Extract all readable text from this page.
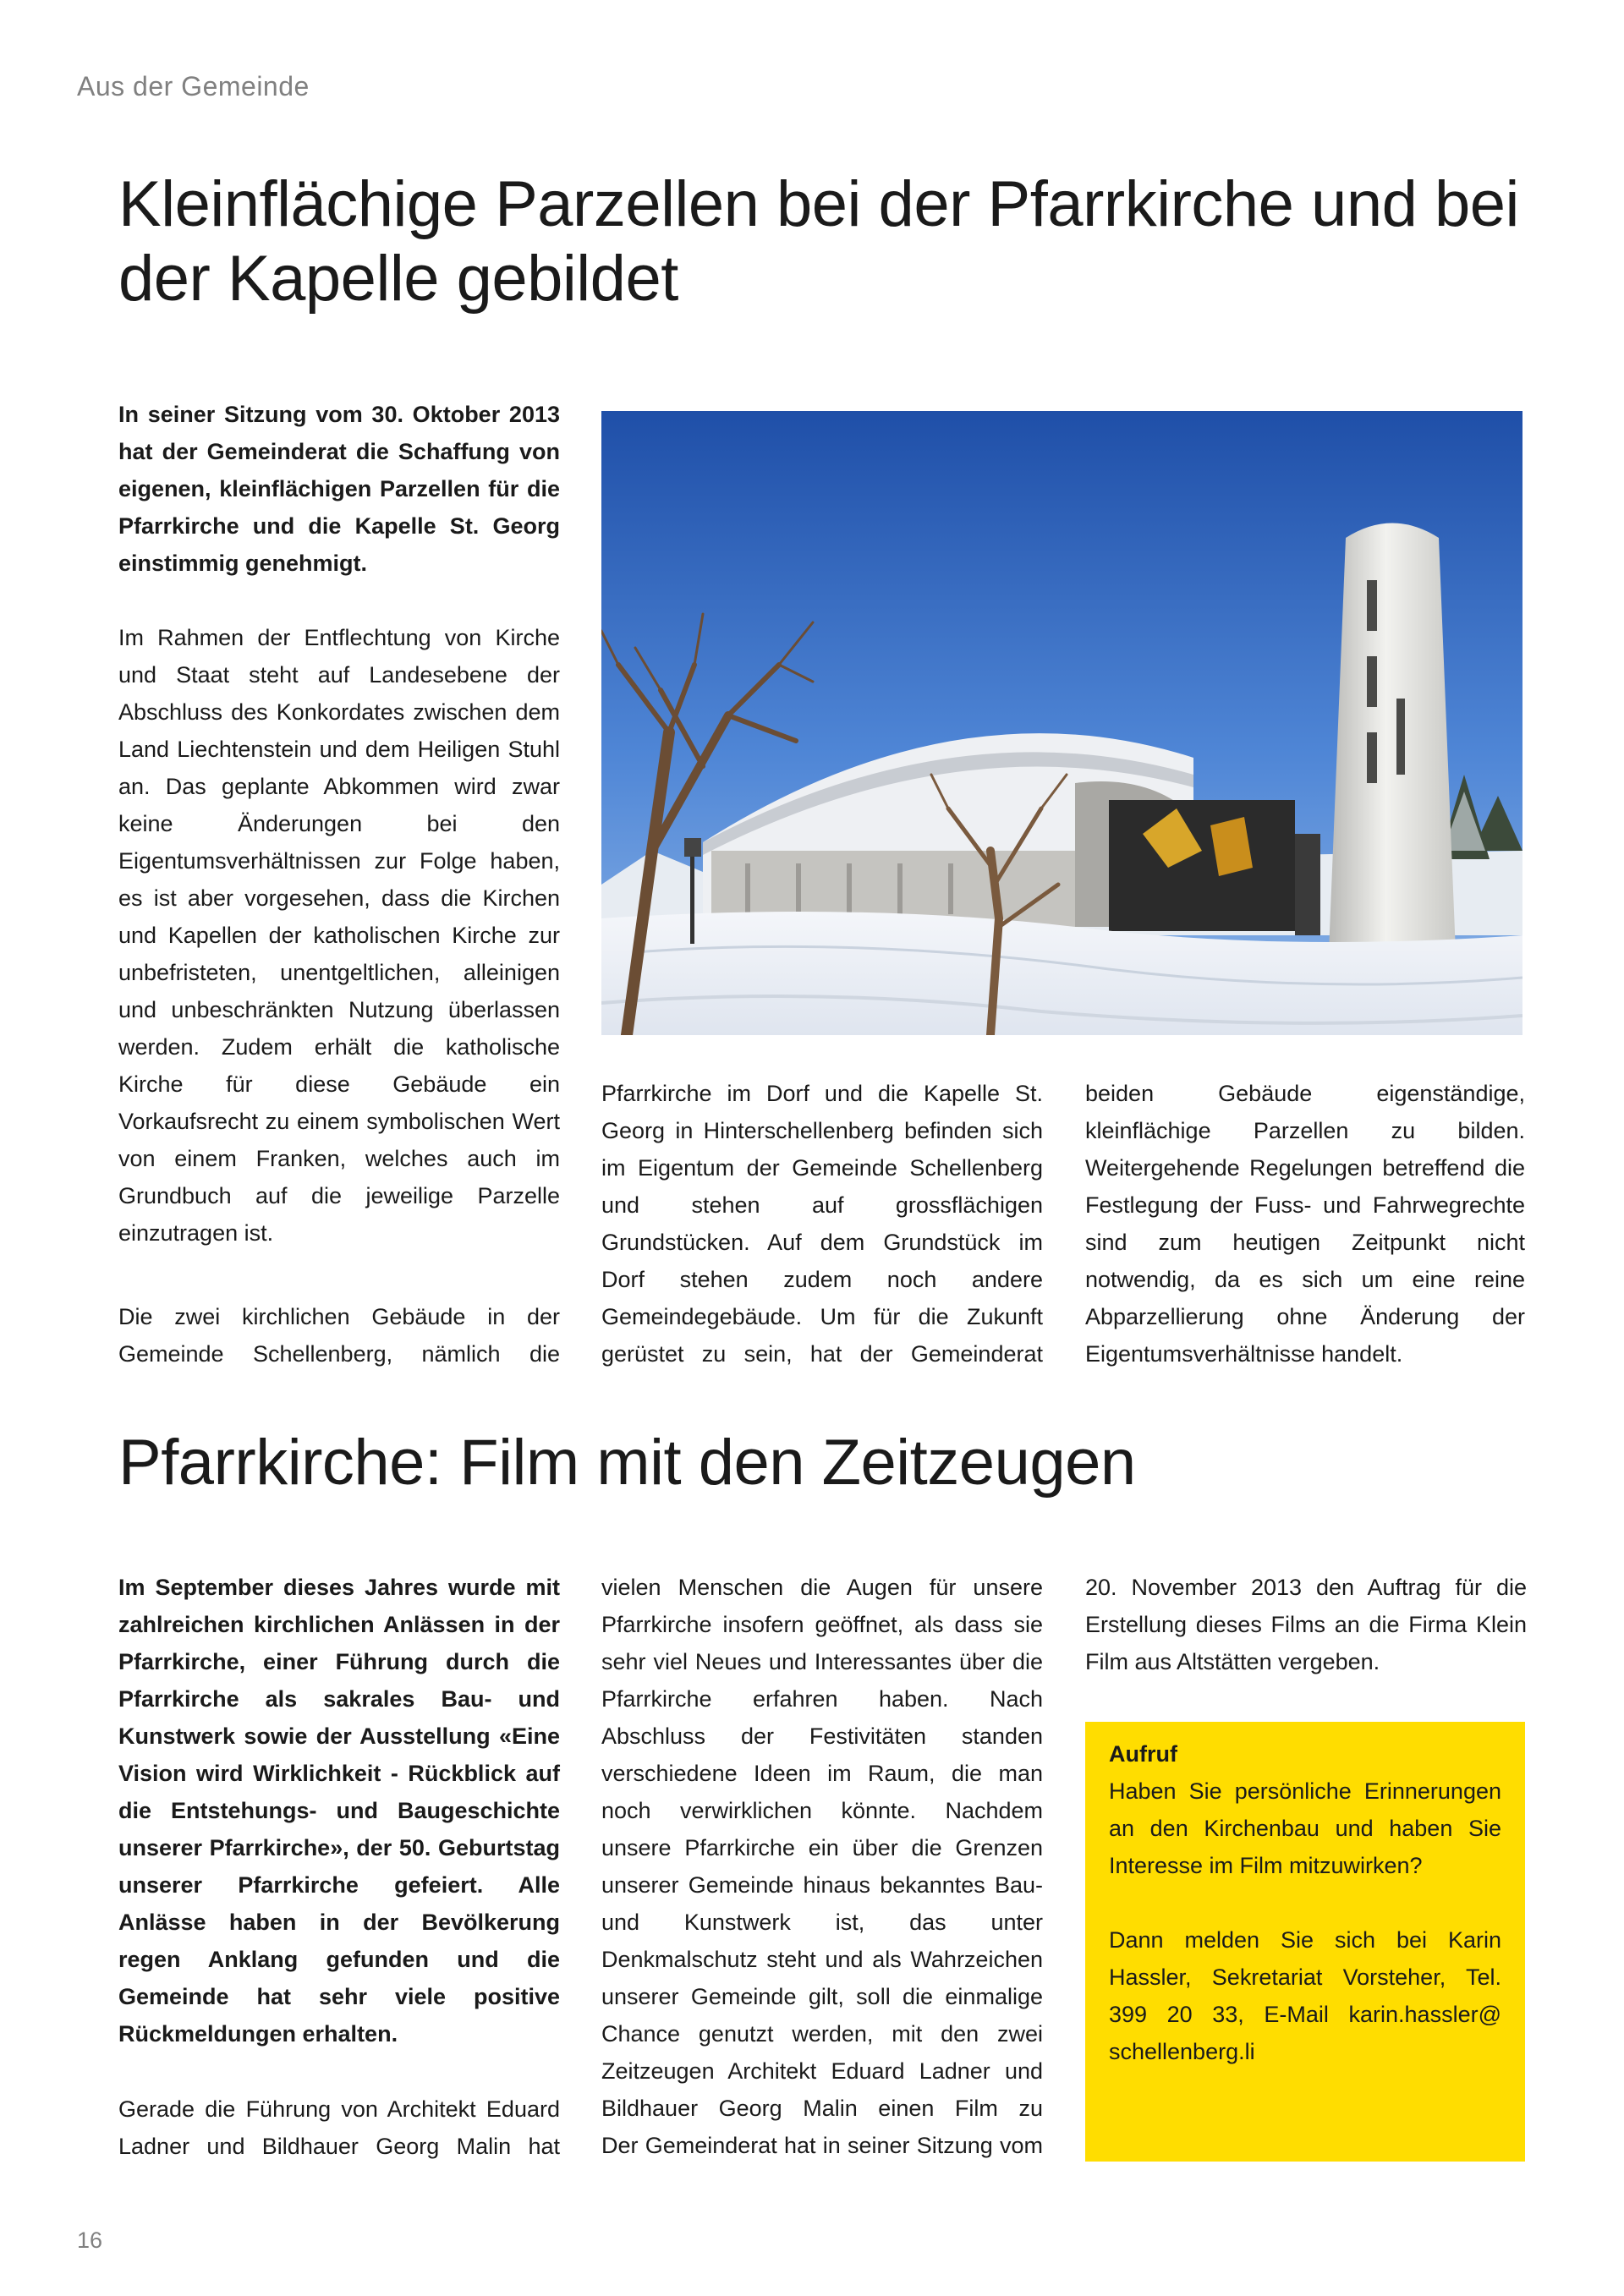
Aus der Gemeinde
Kleinflächige Parzellen bei der Pfarrkirche und bei der Kapelle gebildet

In seiner Sitzung vom 30. Oktober 2013 hat der Gemeinderat die Schaffung von eigenen, kleinflächigen Parzellen für die Pfarrkirche und die Kapelle St. Georg einstimmig genehmigt.

Im Rahmen der Entflechtung von Kirche und Staat steht auf Landesebene der Abschluss des Konkordates zwischen dem Land Liechtenstein und dem Heiligen Stuhl an. Das geplante Abkommen wird zwar keine Änderungen bei den Eigentumsverhältnissen zur Folge haben, es ist aber vorgesehen, dass die Kirchen und Kapellen der katholischen Kirche zur unbefristeten, unentgeltlichen, alleinigen und unbeschränkten Nutzung überlassen werden. Zudem erhält die katholische Kirche für diese Gebäude ein Vorkaufsrecht zu einem symbolischen Wert von einem Franken, welches auch im Grundbuch auf die jeweilige Parzelle einzutragen ist.

Die zwei kirchlichen Gebäude in der Gemeinde Schellenberg, nämlich die

Pfarrkirche im Dorf und die Kapelle St. Georg in Hinterschellenberg befinden sich im Eigentum der Gemeinde Schellenberg und stehen auf grossflächigen Grundstücken. Auf dem Grundstück im Dorf stehen zudem noch andere Gemeindegebäude. Um für die Zukunft gerüstet zu sein, hat der Gemeinderat

beiden Gebäude eigenständige, kleinflächige Parzellen zu bilden. Weitergehende Regelungen betreffend die Festlegung der Fuss- und Fahrwegrechte sind zum heutigen Zeitpunkt nicht notwendig, da es sich um eine reine Abparzellierung ohne Änderung der Eigentumsverhältnisse handelt.

Pfarrkirche: Film mit den Zeitzeugen

Im September dieses Jahres wurde mit zahlreichen kirchlichen Anlässen in der Pfarrkirche, einer Führung durch die Pfarrkirche als sakrales Bau- und Kunstwerk sowie der Ausstellung «Eine Vision wird Wirklichkeit - Rückblick auf die Entstehungs- und Baugeschichte unserer Pfarrkirche», der 50. Geburtstag unserer Pfarrkirche gefeiert. Alle Anlässe haben in der Bevölkerung regen Anklang gefunden und die Gemeinde hat sehr viele positive Rückmeldungen erhalten.

Gerade die Führung von Architekt Eduard Ladner und Bildhauer Georg Malin hat

vielen Menschen die Augen für unsere Pfarrkirche insofern geöffnet, als dass sie sehr viel Neues und Interessantes über die Pfarrkirche erfahren haben. Nach Abschluss der Festivitäten standen verschiedene Ideen im Raum, die man noch verwirklichen könnte. Nachdem unsere Pfarrkirche ein über die Grenzen unserer Gemeinde hinaus bekanntes Bau- und Kunstwerk ist, das unter Denkmalschutz steht und als Wahrzeichen unserer Gemeinde gilt, soll die einmalige Chance genutzt werden, mit den zwei Zeitzeugen Architekt Eduard Ladner und Bildhauer Georg Malin einen Film zu

Der Gemeinderat hat in seiner Sitzung vom

20. November 2013 den Auftrag für die Erstellung dieses Films an die Firma Klein Film aus Altstätten vergeben.

Aufruf
Haben Sie persönliche Erinnerungen an den Kirchenbau und haben Sie Interesse im Film mitzuwirken?
Dann melden Sie sich bei Karin Hassler, Sekretariat Vorsteher, Tel. 399 20 33, E-Mail karin.hassler@ schellenberg.li
16
